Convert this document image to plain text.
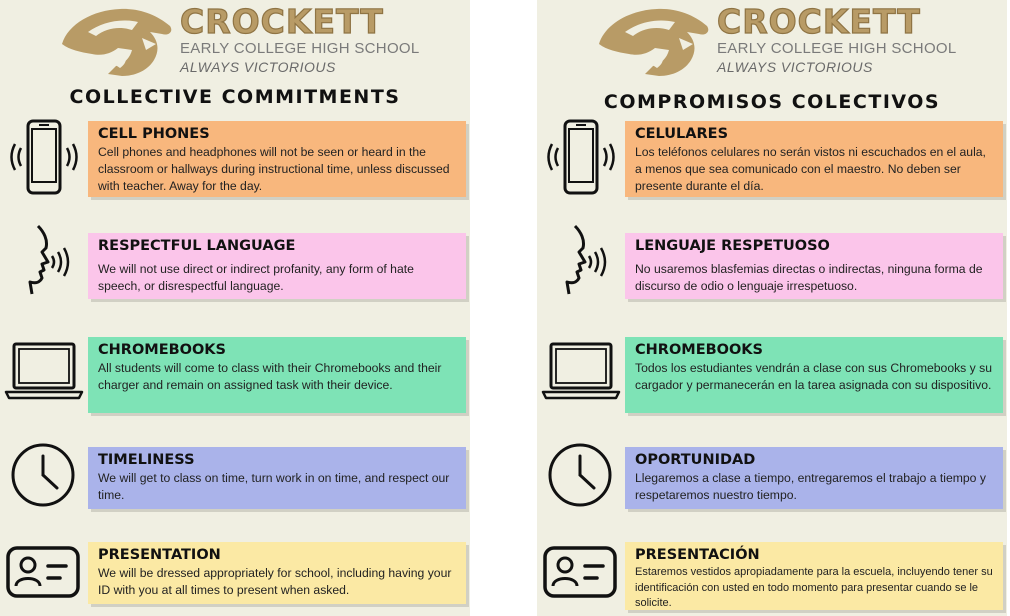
CROCKETT
EARLY COLLEGE HIGH SCHOOL
ALWAYS VICTORIOUS
COLLECTIVE COMMITMENTS
CELL PHONES
Cell phones and headphones will not be seen or heard in the classroom or hallways during instructional time, unless discussed with teacher. Away for the day.
RESPECTFUL LANGUAGE
We will not use direct or indirect profanity, any form of hate speech, or disrespectful language.
CHROMEBOOKS
All students will come to class with their Chromebooks and their charger and remain on assigned task with their device.
TIMELINESS
We will get to class on time, turn work in on time, and respect our time.
PRESENTATION
We will be dressed appropriately for school, including having your ID with you at all times to present when asked.
CROCKETT
EARLY COLLEGE HIGH SCHOOL
ALWAYS VICTORIOUS
COMPROMISOS COLECTIVOS
CELULARES
Los teléfonos celulares no serán vistos ni escuchados en el aula, a menos que sea comunicado con el maestro. No deben ser presente durante el día.
LENGUAJE RESPETUOSO
No usaremos blasfemias directas o indirectas, ninguna forma de discurso de odio o lenguaje irrespetuoso.
CHROMEBOOKS
Todos los estudiantes vendrán a clase con sus Chromebooks y su cargador y permanecerán en la tarea asignada con su dispositivo.
OPORTUNIDAD
Llegaremos a clase a tiempo, entregaremos el trabajo a tiempo y respetaremos nuestro tiempo.
PRESENTACIÓN
Estaremos vestidos apropiadamente para la escuela, incluyendo tener su identificación con usted en todo momento para presentar cuando se le solicite.
